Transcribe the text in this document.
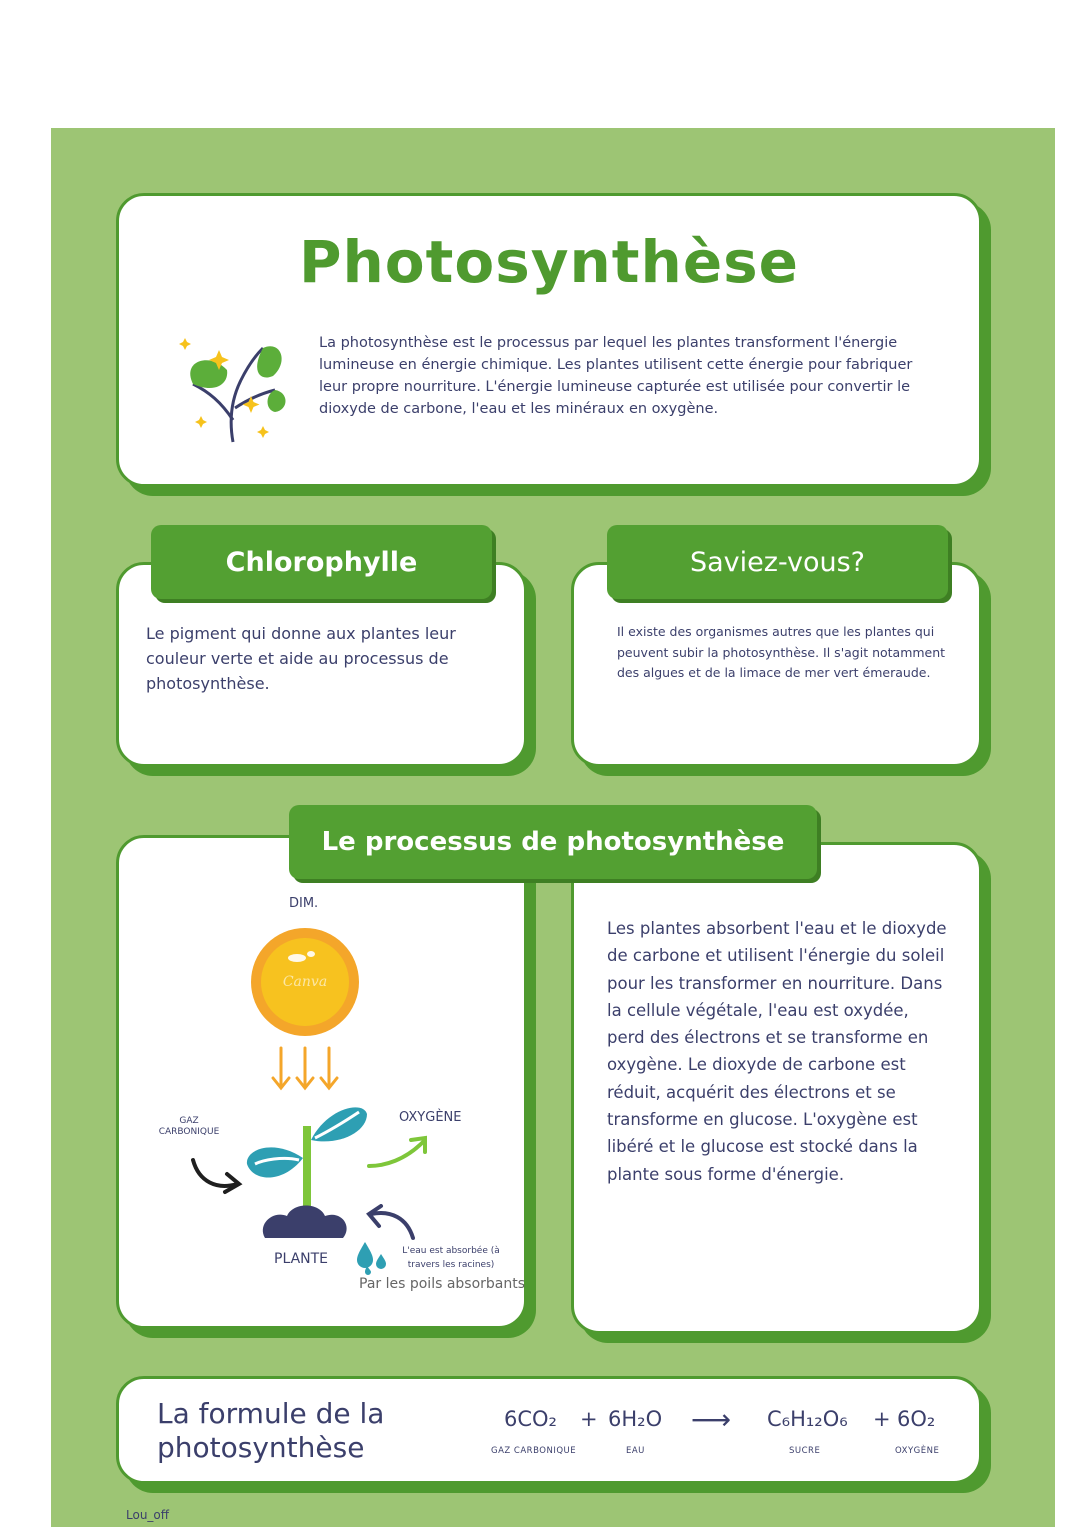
Photosynthèse
La photosynthèse est le processus par lequel les plantes transforment l'énergie lumineuse en énergie chimique. Les plantes utilisent cette énergie pour fabriquer leur propre nourriture. L'énergie lumineuse capturée est utilisée pour convertir le dioxyde de carbone, l'eau et les minéraux en oxygène.
Le pigment qui donne aux plantes leur couleur verte et aide au processus de photosynthèse.
Chlorophylle
Il existe des organismes autres que les plantes qui peuvent subir la photosynthèse. Il s'agit notamment des algues et de la limace de mer vert émeraude.
Saviez-vous?
DIM.
Canva
GAZ CARBONIQUE
OXYGÈNE
PLANTE	L'eau est absorbée (à travers les racines)
Par les poils absorbants
Les plantes absorbent l'eau et le dioxyde de carbone et utilisent l'énergie du soleil pour les transformer en nourriture. Dans la cellule végétale, l'eau est oxydée, perd des électrons et se transforme en oxygène. Le dioxyde de carbone est réduit, acquérit des électrons et se transforme en glucose. L'oxygène est libéré et le glucose est stocké dans la plante sous forme d'énergie.
Le processus de photosynthèse
La formule de la photosynthèse
6CO₂
GAZ CARBONIQUE
+ 6H₂O
EAU
⟶ C₆H₁₂O₆
SUCRE
+ 6O₂
OXYGÈNE
Lou_off
